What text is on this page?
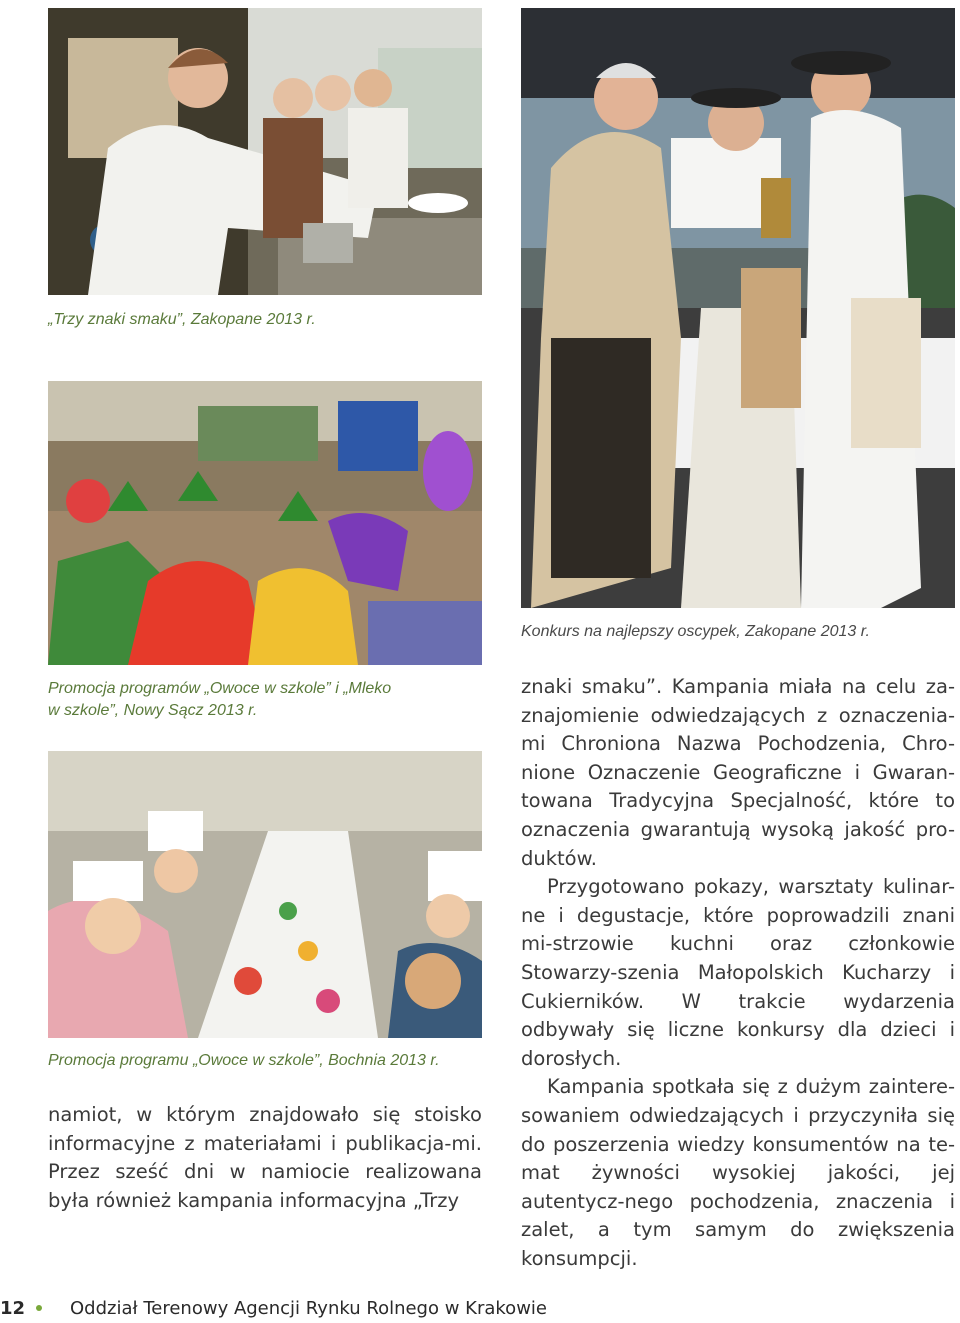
„Trzy znaki smaku”, Zakopane 2013 r.
Promocja programów „Owoce w szkole” i „Mleko
w szkole”, Nowy Sącz 2013 r.
Promocja programu „Owoce w szkole”, Bochnia 2013 r.
namiot, w którym znajdowało się stoisko informacyjne z materiałami i publikacja-mi. Przez sześć dni w namiocie realizowana była również kampania informacyjna „Trzy
Konkurs na najlepszy oscypek, Zakopane 2013 r.

znaki smaku”. Kampania miała na celu za-znajomienie odwiedzających z oznaczenia-mi Chroniona Nazwa Pochodzenia, Chro-nione Oznaczenie Geograficzne i Gwaran-towana Tradycyjna Specjalność, które to oznaczenia gwarantują wysoką jakość pro-duktów.

Przygotowano pokazy, warsztaty kulinar-ne i degustacje, które poprowadzili znani mi-strzowie kuchni oraz członkowie Stowarzy-szenia Małopolskich Kucharzy i Cukierników. W trakcie wydarzenia odbywały się liczne konkursy dla dzieci i dorosłych.

Kampania spotkała się z dużym zaintere-sowaniem odwiedzających i przyczyniła się do poszerzenia wiedzy konsumentów na te-mat żywności wysokiej jakości, jej autentycz-nego pochodzenia, znaczenia i zalet, a tym samym do zwiększenia konsumpcji.

12 Oddział Terenowy Agencji Rynku Rolnego w Krakowie
